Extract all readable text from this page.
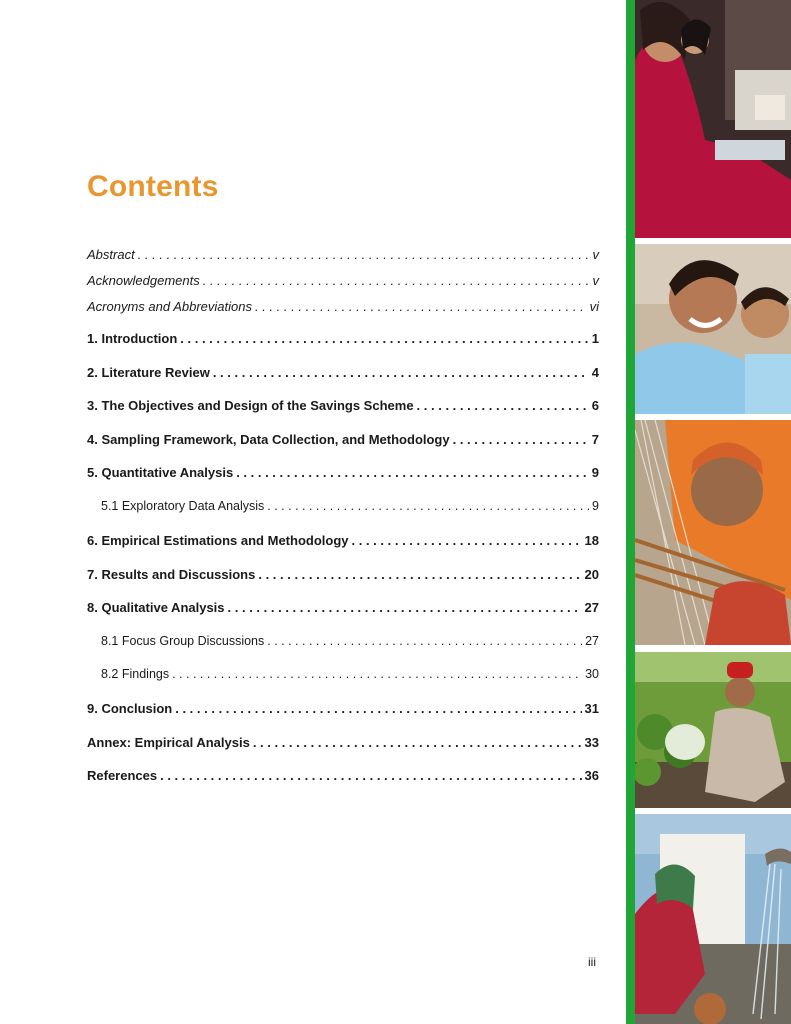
Contents
Abstract . . .	v
Acknowledgements . . .	v
Acronyms and Abbreviations . . .	vi
1. Introduction . . .	1
2. Literature Review . . .	4
3. The Objectives and Design of the Savings Scheme . . .	6
4. Sampling Framework, Data Collection, and Methodology . . .	7
5. Quantitative Analysis . . .	9
5.1 Exploratory Data Analysis . . .	9
6. Empirical Estimations and Methodology . . .	18
7. Results and Discussions . . .	20
8. Qualitative Analysis . . .	27
8.1 Focus Group Discussions . . .	27
8.2 Findings . . .	30
9. Conclusion . . .	31
Annex: Empirical Analysis . . .	33
References . . .	36
iii
